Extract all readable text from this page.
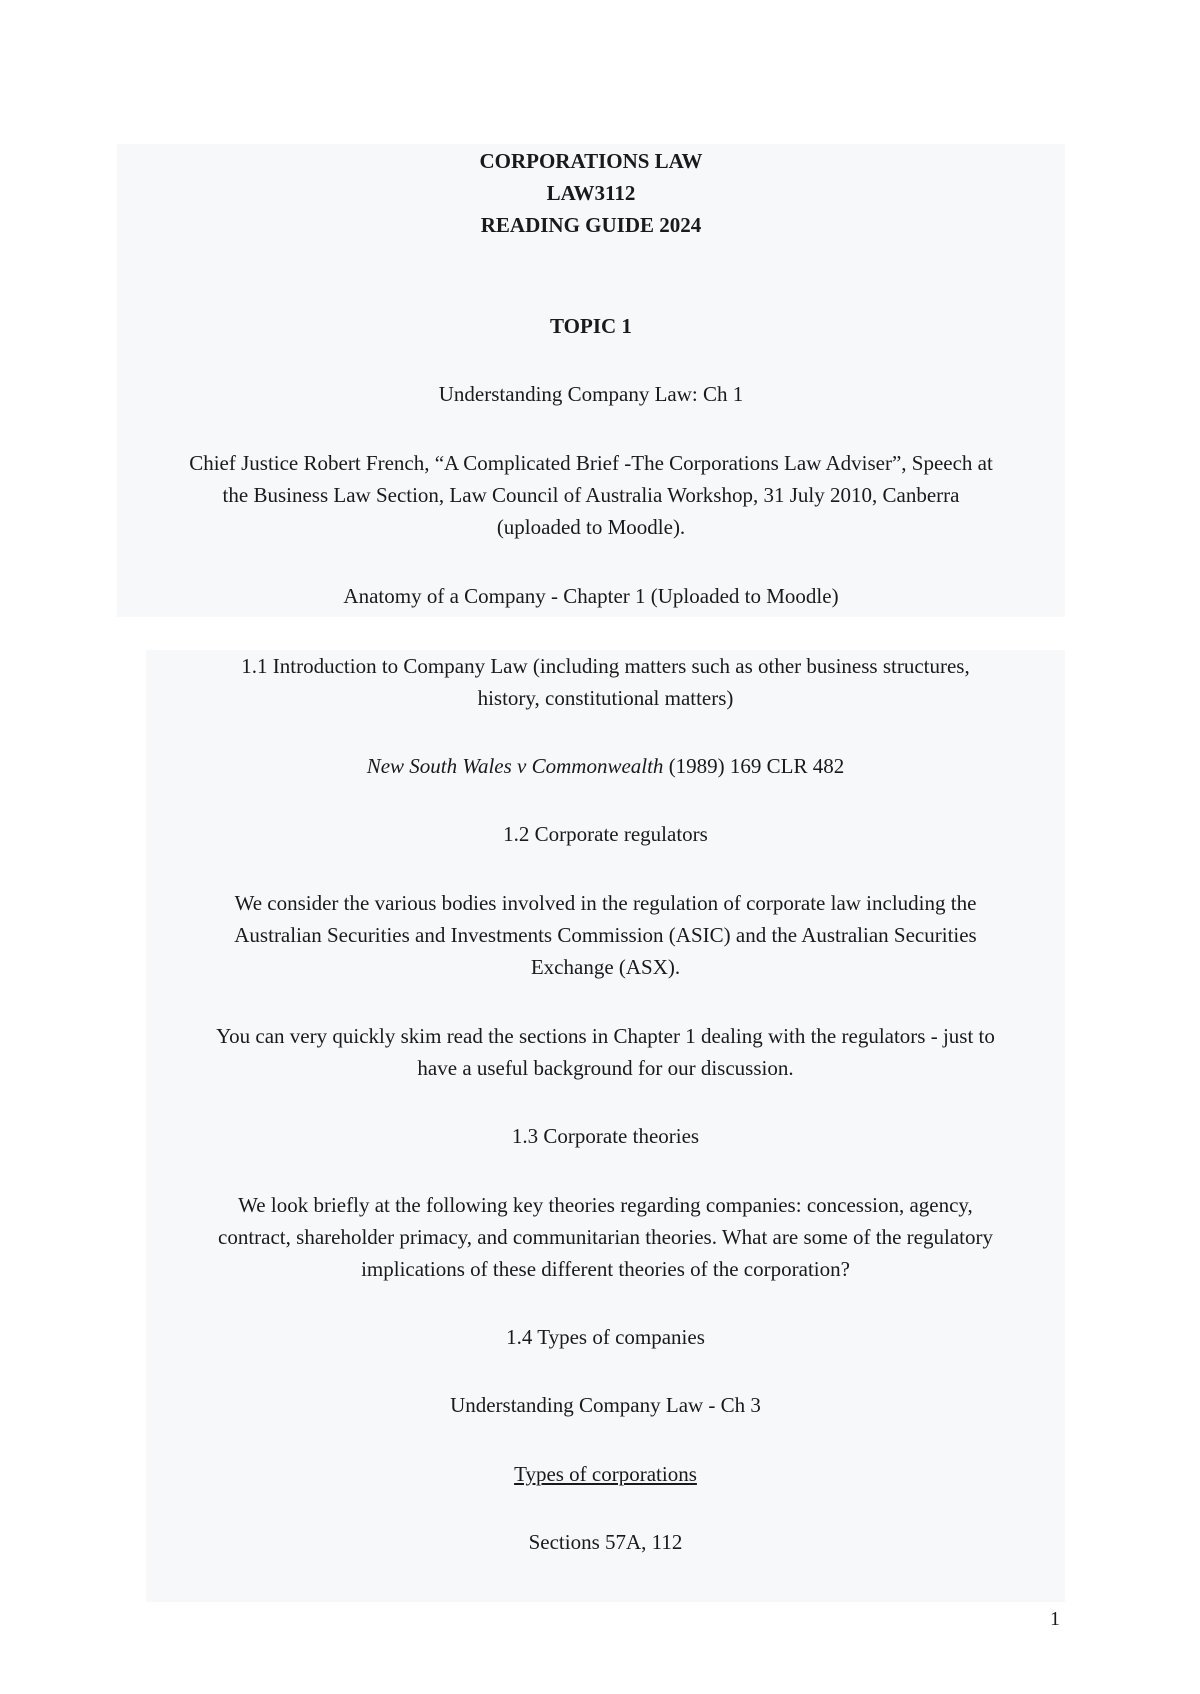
CORPORATIONS LAW

LAW3112

READING GUIDE 2024

TOPIC 1

Understanding Company Law: Ch 1

Chief Justice Robert French, “A Complicated Brief -The Corporations Law Adviser”, Speech at

the Business Law Section, Law Council of Australia Workshop, 31 July 2010, Canberra

(uploaded to Moodle).

Anatomy of a Company - Chapter 1 (Uploaded to Moodle)

1.1 Introduction to Company Law (including matters such as other business structures,

history, constitutional matters)

New South Wales v Commonwealth (1989) 169 CLR 482

1.2 Corporate regulators

We consider the various bodies involved in the regulation of corporate law including the

Australian Securities and Investments Commission (ASIC) and the Australian Securities

Exchange (ASX).

You can very quickly skim read the sections in Chapter 1 dealing with the regulators - just to

have a useful background for our discussion.

1.3 Corporate theories

We look briefly at the following key theories regarding companies: concession, agency,

contract, shareholder primacy, and communitarian theories. What are some of the regulatory

implications of these different theories of the corporation?

1.4 Types of companies

Understanding Company Law - Ch 3

Types of corporations

Sections 57A, 112

1
